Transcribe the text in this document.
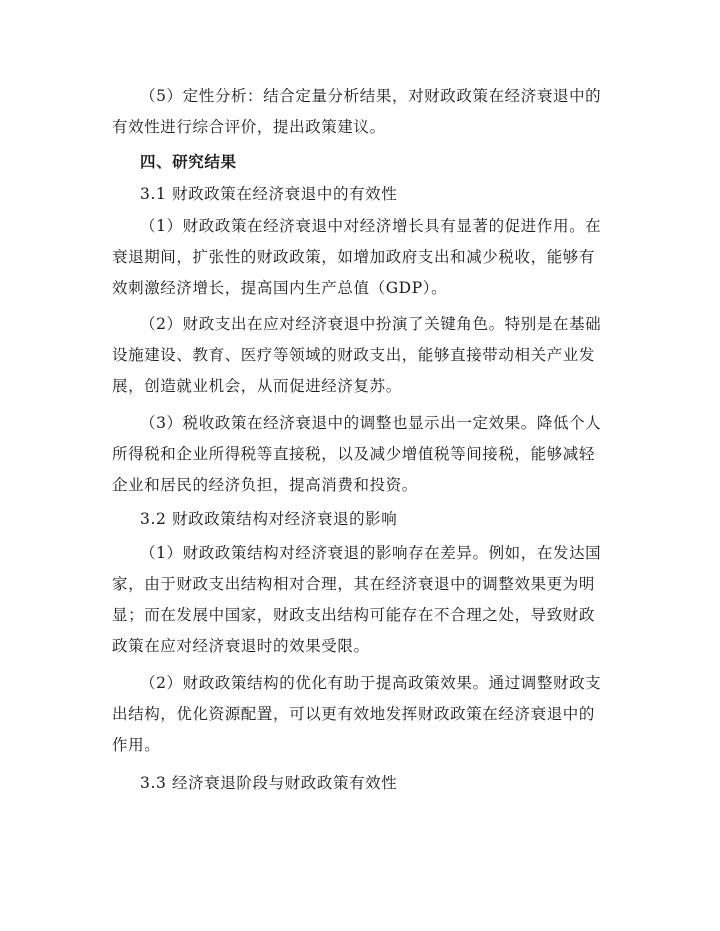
（5）定性分析：结合定量分析结果，对财政政策在经济衰退中的
有效性进行综合评价，提出政策建议。
四、研究结果
3.1 财政政策在经济衰退中的有效性
（1）财政政策在经济衰退中对经济增长具有显著的促进作用。在
衰退期间，扩张性的财政政策，如增加政府支出和减少税收，能够有
效刺激经济增长，提高国内生产总值（GDP）。
（2）财政支出在应对经济衰退中扮演了关键角色。特别是在基础
设施建设、教育、医疗等领域的财政支出，能够直接带动相关产业发
展，创造就业机会，从而促进经济复苏。
（3）税收政策在经济衰退中的调整也显示出一定效果。降低个人
所得税和企业所得税等直接税，以及减少增值税等间接税，能够减轻
企业和居民的经济负担，提高消费和投资。
3.2 财政政策结构对经济衰退的影响
（1）财政政策结构对经济衰退的影响存在差异。例如，在发达国
家，由于财政支出结构相对合理，其在经济衰退中的调整效果更为明
显；而在发展中国家，财政支出结构可能存在不合理之处，导致财政
政策在应对经济衰退时的效果受限。
（2）财政政策结构的优化有助于提高政策效果。通过调整财政支
出结构，优化资源配置，可以更有效地发挥财政政策在经济衰退中的
作用。
3.3 经济衰退阶段与财政政策有效性
